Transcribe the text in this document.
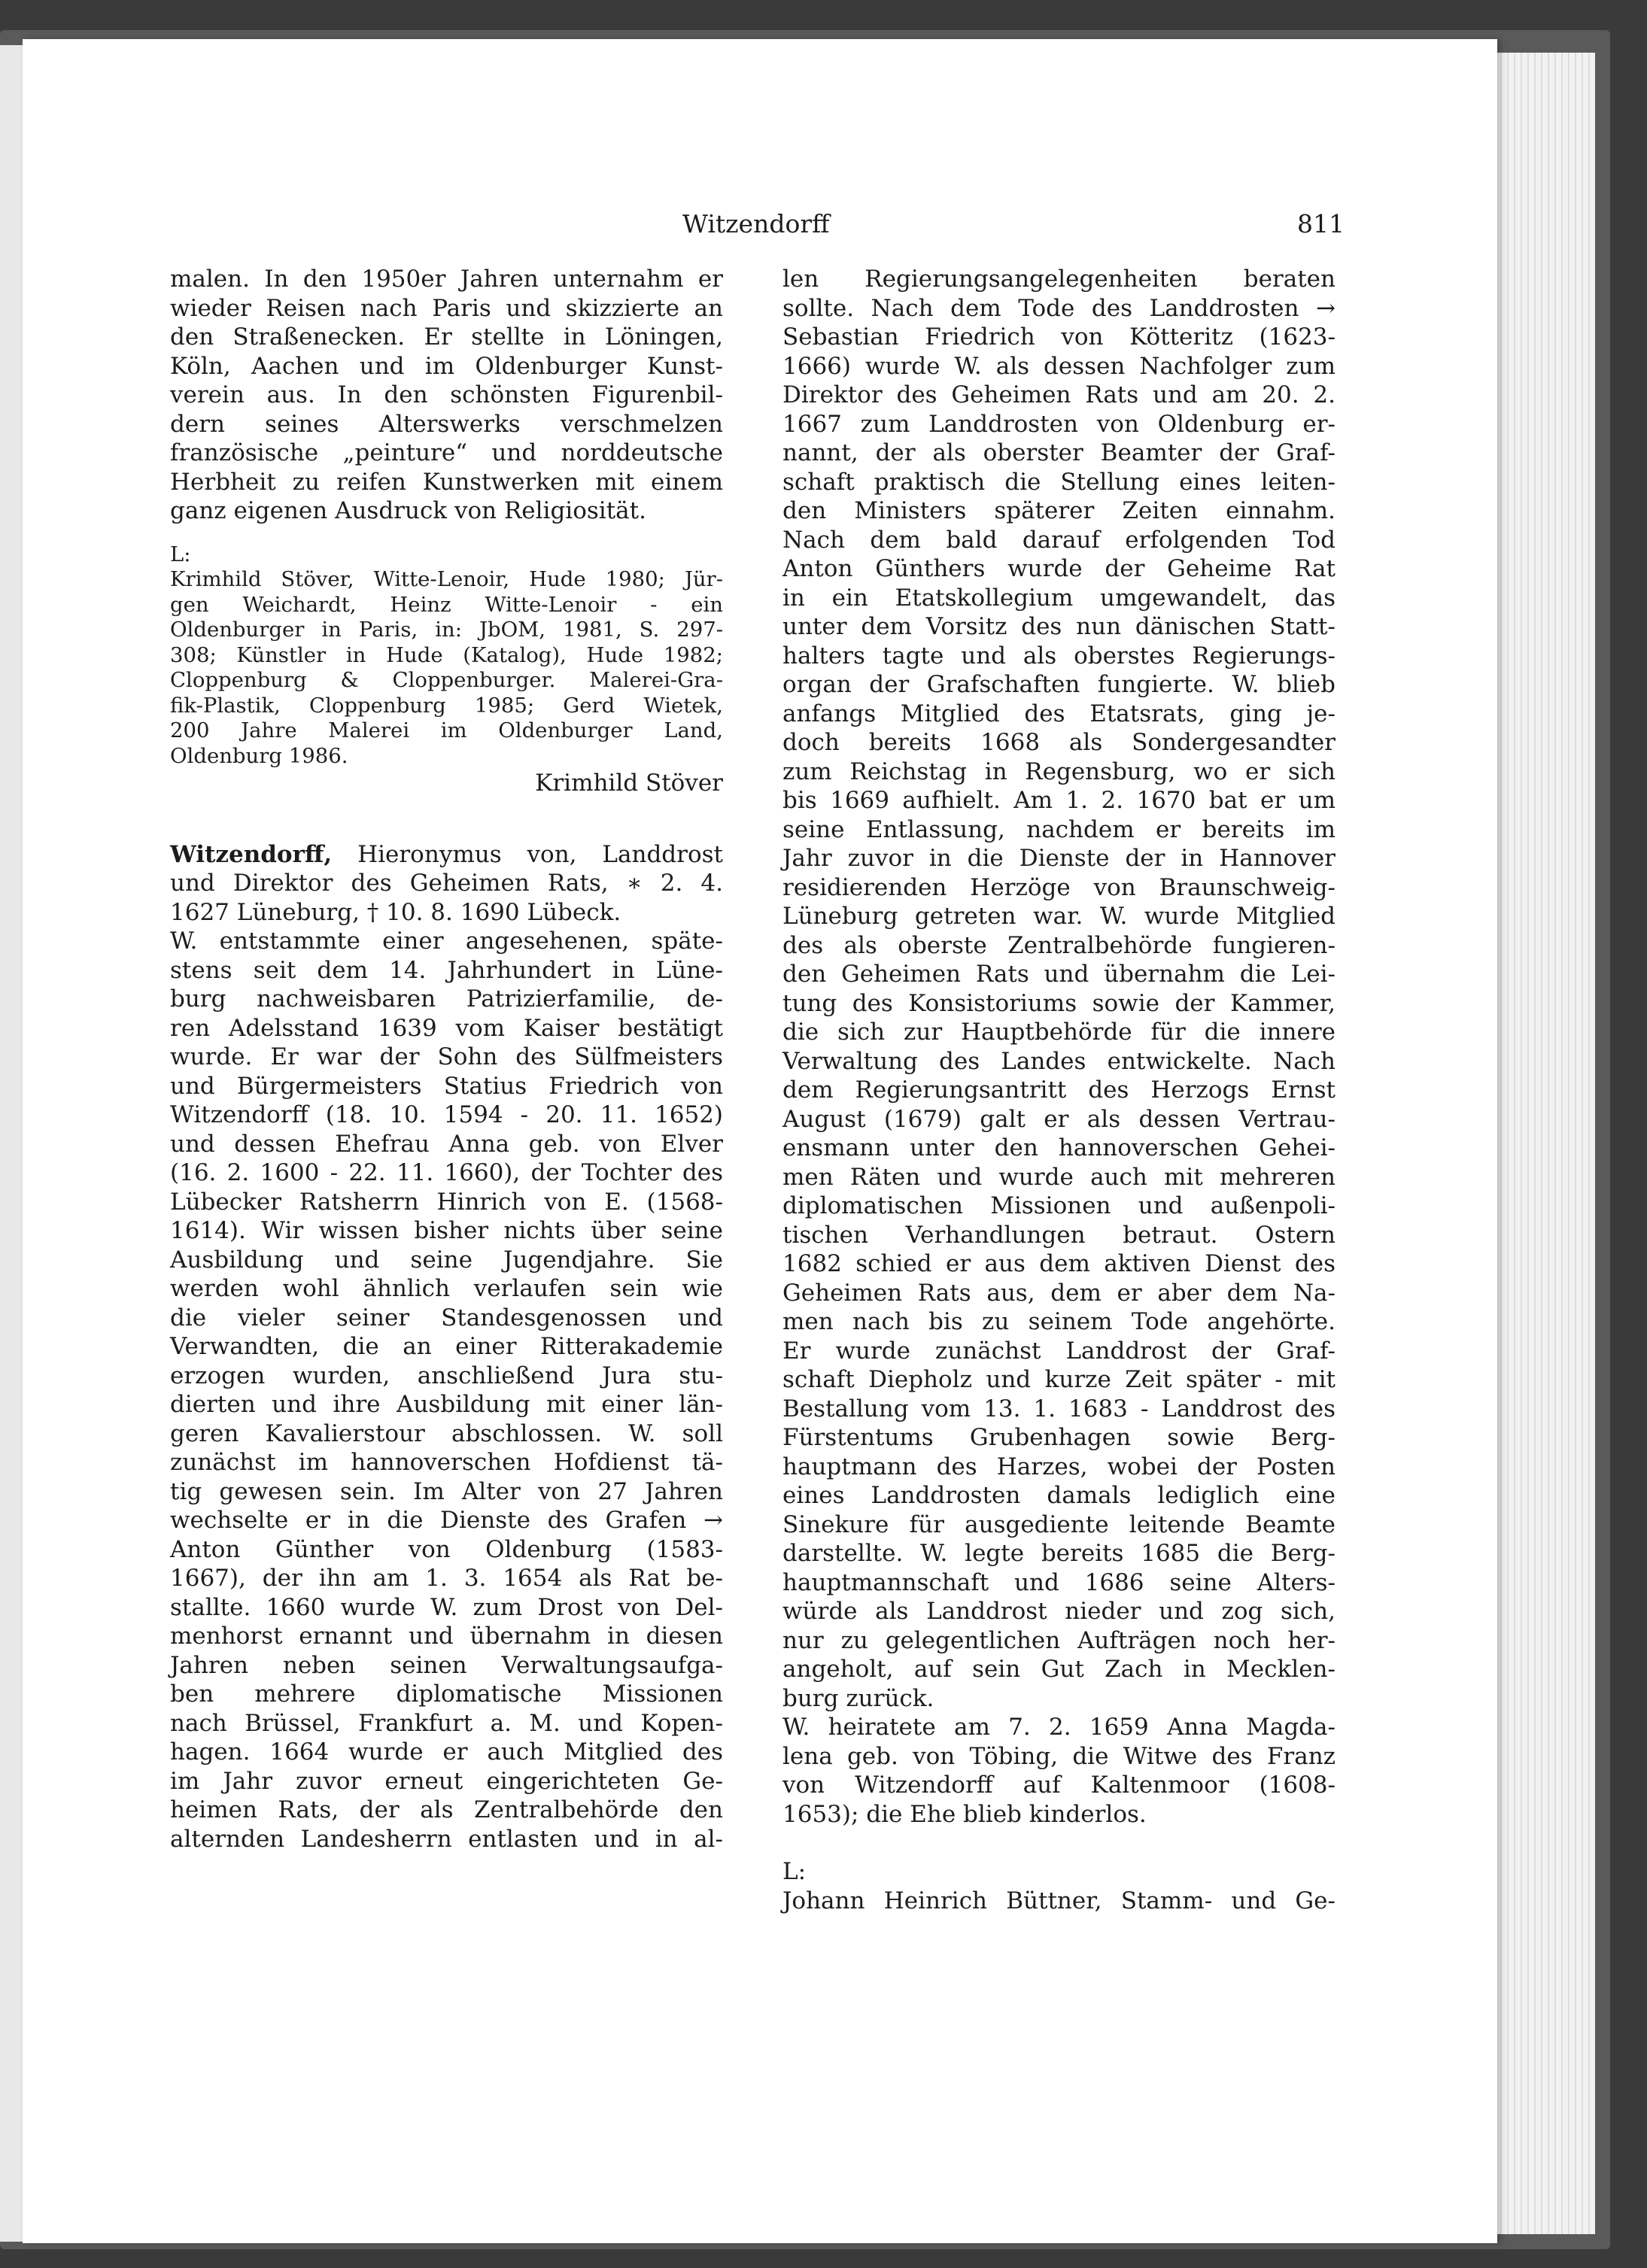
Witzendorff	811
malen. In den 1950er Jahren unternahm er
wieder Reisen nach Paris und skizzierte an
den Straßenecken. Er stellte in Löningen,
Köln, Aachen und im Oldenburger Kunst-
verein aus. In den schönsten Figurenbil-
dern seines Alterswerks verschmelzen
französische „peinture“ und norddeutsche
Herbheit zu reifen Kunstwerken mit einem
ganz eigenen Ausdruck von Religiosität.
L:
Krimhild Stöver, Witte-Lenoir, Hude 1980; Jür-
gen Weichardt, Heinz Witte-Lenoir - ein
Oldenburger in Paris, in: JbOM, 1981, S. 297-
308; Künstler in Hude (Katalog), Hude 1982;
Cloppenburg & Cloppenburger. Malerei-Gra-
fik-Plastik, Cloppenburg 1985; Gerd Wietek,
200 Jahre Malerei im Oldenburger Land,
Oldenburg 1986.
Krimhild Stöver
Witzendorff, Hieronymus von, Landdrost
und Direktor des Geheimen Rats, ∗ 2. 4.
1627 Lüneburg, † 10. 8. 1690 Lübeck.
W. entstammte einer angesehenen, späte-
stens seit dem 14. Jahrhundert in Lüne-
burg nachweisbaren Patrizierfamilie, de-
ren Adelsstand 1639 vom Kaiser bestätigt
wurde. Er war der Sohn des Sülfmeisters
und Bürgermeisters Statius Friedrich von
Witzendorff (18. 10. 1594 - 20. 11. 1652)
und dessen Ehefrau Anna geb. von Elver
(16. 2. 1600 - 22. 11. 1660), der Tochter des
Lübecker Ratsherrn Hinrich von E. (1568-
1614). Wir wissen bisher nichts über seine
Ausbildung und seine Jugendjahre. Sie
werden wohl ähnlich verlaufen sein wie
die vieler seiner Standesgenossen und
Verwandten, die an einer Ritterakademie
erzogen wurden, anschließend Jura stu-
dierten und ihre Ausbildung mit einer län-
geren Kavalierstour abschlossen. W. soll
zunächst im hannoverschen Hofdienst tä-
tig gewesen sein. Im Alter von 27 Jahren
wechselte er in die Dienste des Grafen →
Anton Günther von Oldenburg (1583-
1667), der ihn am 1. 3. 1654 als Rat be-
stallte. 1660 wurde W. zum Drost von Del-
menhorst ernannt und übernahm in diesen
Jahren neben seinen Verwaltungsaufga-
ben mehrere diplomatische Missionen
nach Brüssel, Frankfurt a. M. und Kopen-
hagen. 1664 wurde er auch Mitglied des
im Jahr zuvor erneut eingerichteten Ge-
heimen Rats, der als Zentralbehörde den
alternden Landesherrn entlasten und in al-
len Regierungsangelegenheiten beraten
sollte. Nach dem Tode des Landdrosten →
Sebastian Friedrich von Kötteritz (1623-
1666) wurde W. als dessen Nachfolger zum
Direktor des Geheimen Rats und am 20. 2.
1667 zum Landdrosten von Oldenburg er-
nannt, der als oberster Beamter der Graf-
schaft praktisch die Stellung eines leiten-
den Ministers späterer Zeiten einnahm.
Nach dem bald darauf erfolgenden Tod
Anton Günthers wurde der Geheime Rat
in ein Etatskollegium umgewandelt, das
unter dem Vorsitz des nun dänischen Statt-
halters tagte und als oberstes Regierungs-
organ der Grafschaften fungierte. W. blieb
anfangs Mitglied des Etatsrats, ging je-
doch bereits 1668 als Sondergesandter
zum Reichstag in Regensburg, wo er sich
bis 1669 aufhielt. Am 1. 2. 1670 bat er um
seine Entlassung, nachdem er bereits im
Jahr zuvor in die Dienste der in Hannover
residierenden Herzöge von Braunschweig-
Lüneburg getreten war. W. wurde Mitglied
des als oberste Zentralbehörde fungieren-
den Geheimen Rats und übernahm die Lei-
tung des Konsistoriums sowie der Kammer,
die sich zur Hauptbehörde für die innere
Verwaltung des Landes entwickelte. Nach
dem Regierungsantritt des Herzogs Ernst
August (1679) galt er als dessen Vertrau-
ensmann unter den hannoverschen Gehei-
men Räten und wurde auch mit mehreren
diplomatischen Missionen und außenpoli-
tischen Verhandlungen betraut. Ostern
1682 schied er aus dem aktiven Dienst des
Geheimen Rats aus, dem er aber dem Na-
men nach bis zu seinem Tode angehörte.
Er wurde zunächst Landdrost der Graf-
schaft Diepholz und kurze Zeit später - mit
Bestallung vom 13. 1. 1683 - Landdrost des
Fürstentums Grubenhagen sowie Berg-
hauptmann des Harzes, wobei der Posten
eines Landdrosten damals lediglich eine
Sinekure für ausgediente leitende Beamte
darstellte. W. legte bereits 1685 die Berg-
hauptmannschaft und 1686 seine Alters-
würde als Landdrost nieder und zog sich,
nur zu gelegentlichen Aufträgen noch her-
angeholt, auf sein Gut Zach in Mecklen-
burg zurück.
W. heiratete am 7. 2. 1659 Anna Magda-
lena geb. von Töbing, die Witwe des Franz
von Witzendorff auf Kaltenmoor (1608-
1653); die Ehe blieb kinderlos.
L:
Johann Heinrich Büttner, Stamm- und Ge-
